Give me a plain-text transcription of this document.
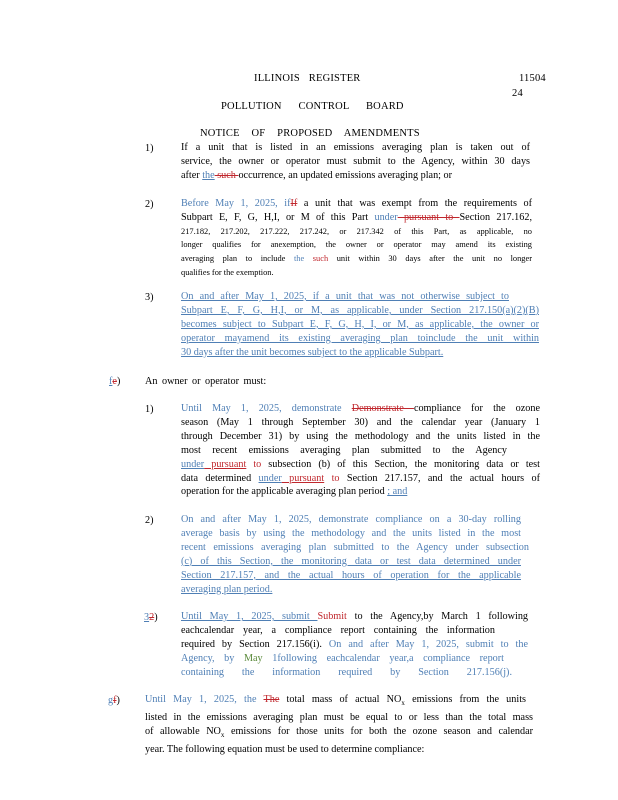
ILLINOIS REGISTER	11504
24
POLLUTION CONTROL BOARD
NOTICE OF PROPOSED AMENDMENTS
1)	If a unit that is listed in an emissions averaging plan is taken out of
service, the owner or operator must submit to the Agency, within 30 days
after the such occurrence, an updated emissions averaging plan; or
2)	Before May 1, 2025, ifIf a unit that was exempt from the requirements of
Subpart E, F, G, H,I, or M of this Part under pursuant to Section 217.162,
217.182, 217.202, 217.222, 217.242, or 217.342 of this Part, as applicable, no
longer qualifies for anexemption, the owner or operator may amend its existing
averaging plan to include the such unit within 30 days after the unit no longer
qualifies for the exemption.
3)	On and after May 1, 2025, if a unit that was not otherwise subject to
Subpart E, F, G, H,I, or M, as applicable, under Section 217.150(a)(2)(B)
becomes subject to Subpart E, F, G, H, I, or M, as applicable, the owner or
operator mayamend its existing averaging plan toinclude the unit within
30 days after the unit becomes subject to the applicable Subpart.
fe) An owner or operator must:
1)	Until May 1, 2025, demonstrate Demonstrate compliance for the ozone
season (May 1 through September 30) and the calendar year (January 1
through December 31) by using the methodology and the units listed in the
most recent emissions averaging plan submitted to the Agency
under pursuant to subsection (b) of this Section, the monitoring data or test
data determined under pursuant to Section 217.157, and the actual hours of
operation for the applicable averaging plan period ; and
2)	On and after May 1, 2025, demonstrate compliance on a 30-day rolling
average basis by using the methodology and the units listed in the most
recent emissions averaging plan submitted to the Agency under subsection
(c) of this Section, the monitoring data or test data determined under
Section 217.157, and the actual hours of operation for the applicable
averaging plan period.
32) Until May 1, 2025, submit Submit to the Agency,by March 1 following
eachcalendar year, a compliance report containing the information
required by Section 217.156(i). On and after May 1, 2025, submit to the
Agency, by May 1following eachcalendar year,a compliance report
containing the information required by Section 217.156(j).
gf) Until May 1, 2025, the The total mass of actual $NO_x$ emissions from the units
listed in the emissions averaging plan must be equal to or less than the total mass
of allowable $NO_x$ emissions for those units for both the ozone season and calendar
year. The following equation must be used to determine compliance:
